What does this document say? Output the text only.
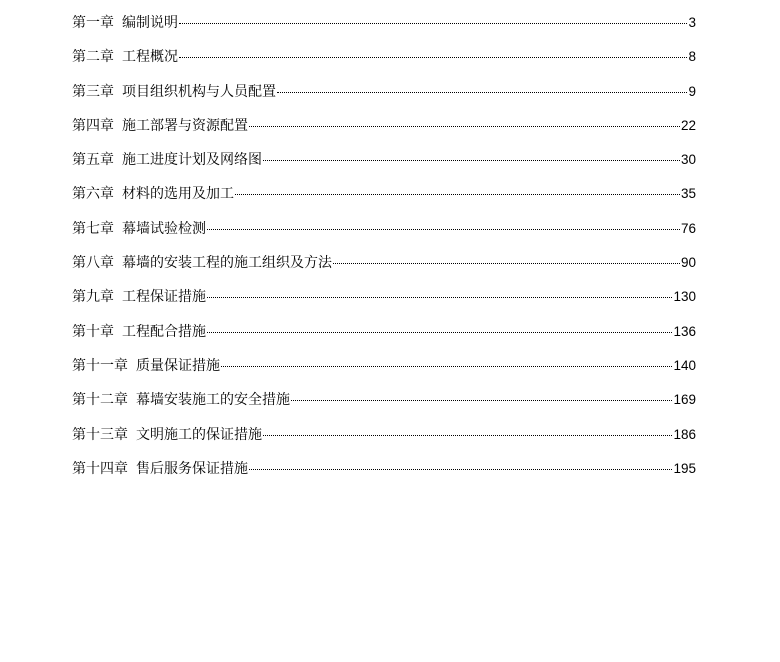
第一章 编制说明	3
第二章 工程概况	8
第三章 项目组织机构与人员配置	9
第四章 施工部署与资源配置	22
第五章 施工进度计划及网络图	30
第六章 材料的选用及加工	35
第七章 幕墙试验检测	76
第八章 幕墙的安装工程的施工组织及方法	90
第九章 工程保证措施	130
第十章 工程配合措施	136
第十一章 质量保证措施	140
第十二章 幕墙安装施工的安全措施	169
第十三章 文明施工的保证措施	186
第十四章 售后服务保证措施	195
